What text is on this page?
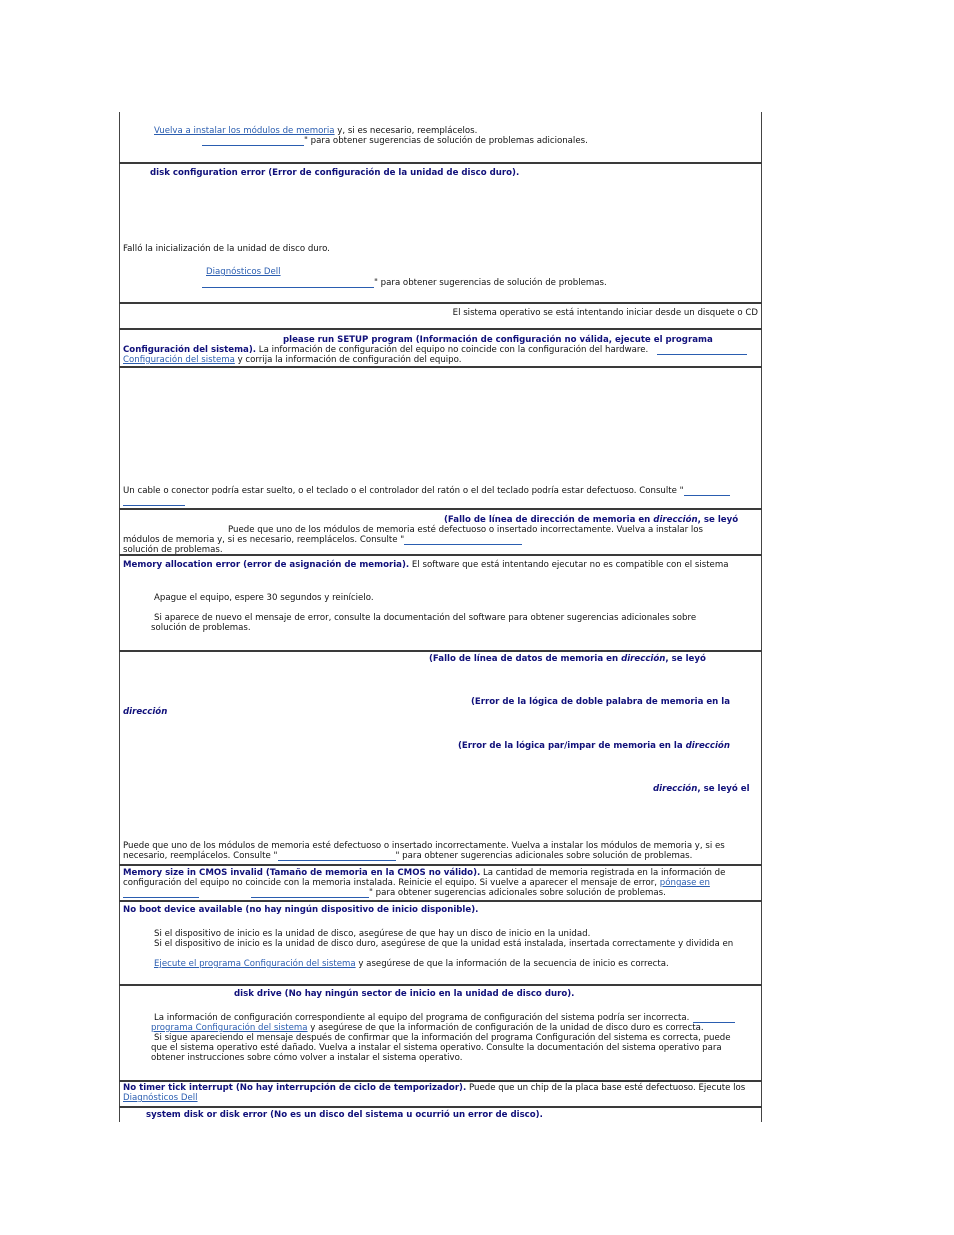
Vuelva a instalar los módulos de memoria y, si es necesario, reemplácelos.
" para obtener sugerencias de solución de problemas adicionales.
disk configuration error (Error de configuración de la unidad de disco duro).
Falló la inicialización de la unidad de disco duro.
Diagnósticos Dell
" para obtener sugerencias de solución de problemas.
El sistema operativo se está intentando iniciar desde un disquete o CD
please run SETUP program (Información de configuración no válida, ejecute el programa
Configuración del sistema). La información de configuración del equipo no coincide con la configuración del hardware.
Configuración del sistema y corrija la información de configuración del equipo.
Un cable o conector podría estar suelto, o el teclado o el controlador del ratón o el del teclado podría estar defectuoso. Consulte "
(Fallo de línea de dirección de memoria en dirección, se leyó
Puede que uno de los módulos de memoria esté defectuoso o insertado incorrectamente. Vuelva a instalar los
módulos de memoria y, si es necesario, reemplácelos. Consulte "
solución de problemas.
Memory allocation error (error de asignación de memoria). El software que está intentando ejecutar no es compatible con el sistema
Apague el equipo, espere 30 segundos y reinícielo.
Si aparece de nuevo el mensaje de error, consulte la documentación del software para obtener sugerencias adicionales sobre
solución de problemas.
(Fallo de línea de datos de memoria en dirección, se leyó
(Error de la lógica de doble palabra de memoria en la
dirección
(Error de la lógica par/impar de memoria en la dirección
dirección, se leyó el
Puede que uno de los módulos de memoria esté defectuoso o insertado incorrectamente. Vuelva a instalar los módulos de memoria y, si es
necesario, reemplácelos. Consulte "	" para obtener sugerencias adicionales sobre solución de problemas.
Memory size in CMOS invalid (Tamaño de memoria en la CMOS no válido). La cantidad de memoria registrada en la información de
configuración del equipo no coincide con la memoria instalada. Reinicie el equipo. Si vuelve a aparecer el mensaje de error, póngase en
" para obtener sugerencias adicionales sobre solución de problemas.
No boot device available (no hay ningún dispositivo de inicio disponible).
Si el dispositivo de inicio es la unidad de disco, asegúrese de que hay un disco de inicio en la unidad.
Si el dispositivo de inicio es la unidad de disco duro, asegúrese de que la unidad está instalada, insertada correctamente y dividida en
Ejecute el programa Configuración del sistema y asegúrese de que la información de la secuencia de inicio es correcta.
disk drive (No hay ningún sector de inicio en la unidad de disco duro).
La información de configuración correspondiente al equipo del programa de configuración del sistema podría ser incorrecta.
programa Configuración del sistema y asegúrese de que la información de configuración de la unidad de disco duro es correcta.
Si sigue apareciendo el mensaje después de confirmar que la información del programa Configuración del sistema es correcta, puede
que el sistema operativo esté dañado. Vuelva a instalar el sistema operativo. Consulte la documentación del sistema operativo para
obtener instrucciones sobre cómo volver a instalar el sistema operativo.
No timer tick interrupt (No hay interrupción de ciclo de temporizador). Puede que un chip de la placa base esté defectuoso. Ejecute los
Diagnósticos Dell
system disk or disk error (No es un disco del sistema u ocurrió un error de disco).
